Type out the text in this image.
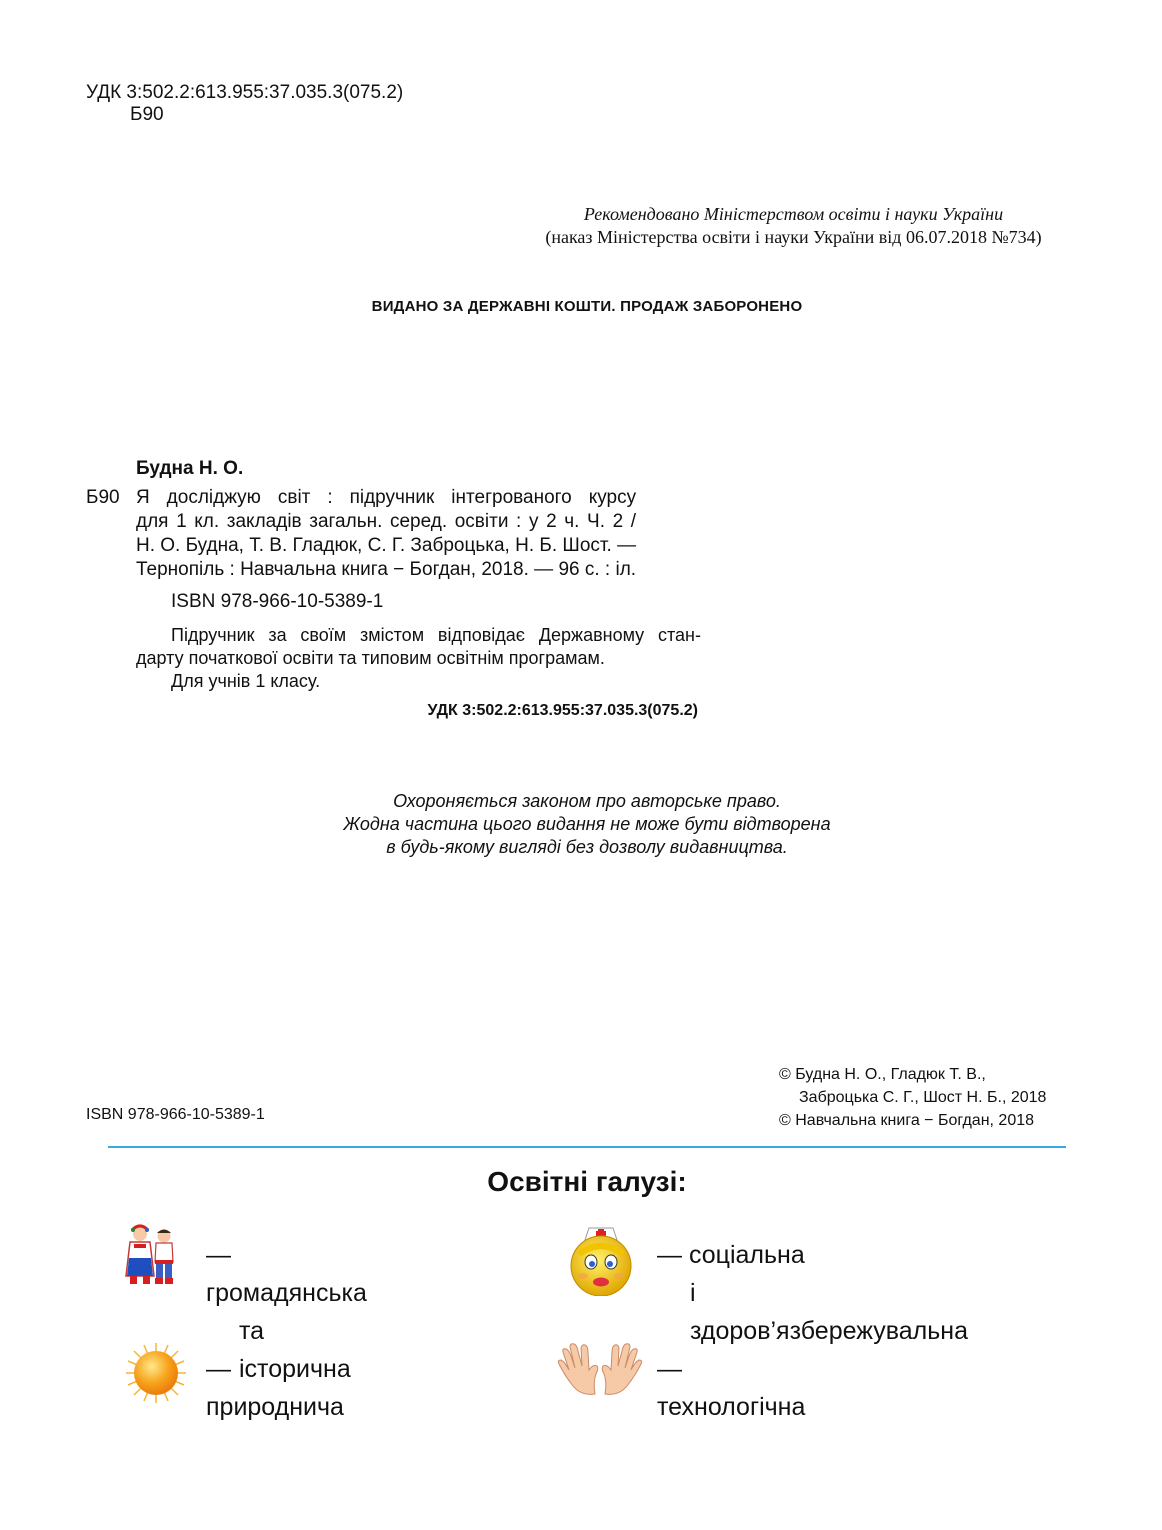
УДК 3:502.2:613.955:37.035.3(075.2)
Б90
Рекомендовано Міністерством освіти і науки України
(наказ Міністерства освіти і науки України від 06.07.2018 №734)
ВИДАНО ЗА ДЕРЖАВНІ КОШТИ. ПРОДАЖ ЗАБОРОНЕНО
Будна Н. О.
Б90 Я досліджую світ : підручник інтегрованого курсу
для 1 кл. закладів загальн. серед. освіти : у 2 ч. Ч. 2 /
Н. О. Будна, Т. В. Гладюк, С. Г. Заброцька, Н. Б. Шост. —
Тернопіль : Навчальна книга − Богдан, 2018. — 96 с. : іл.
ISBN 978-966-10-5389-1
Підручник за своїм змістом відповідає Державному стан-
дарту початкової освіти та типовим освітнім програмам.
Для учнів 1 класу.
УДК 3:502.2:613.955:37.035.3(075.2)
Охороняється законом про авторське право.
Жодна частина цього видання не може бути відтворена
в будь-якому вигляді без дозволу видавництва.
© Будна Н. О., Гладюк Т. В.,
Заброцька С. Г., Шост Н. Б., 2018
© Навчальна книга − Богдан, 2018
ISBN 978-966-10-5389-1
Освітні галузі:
— громадянська
та історична
— соціальна
і здоров’язбережувальна
— природнича
— технологічна
